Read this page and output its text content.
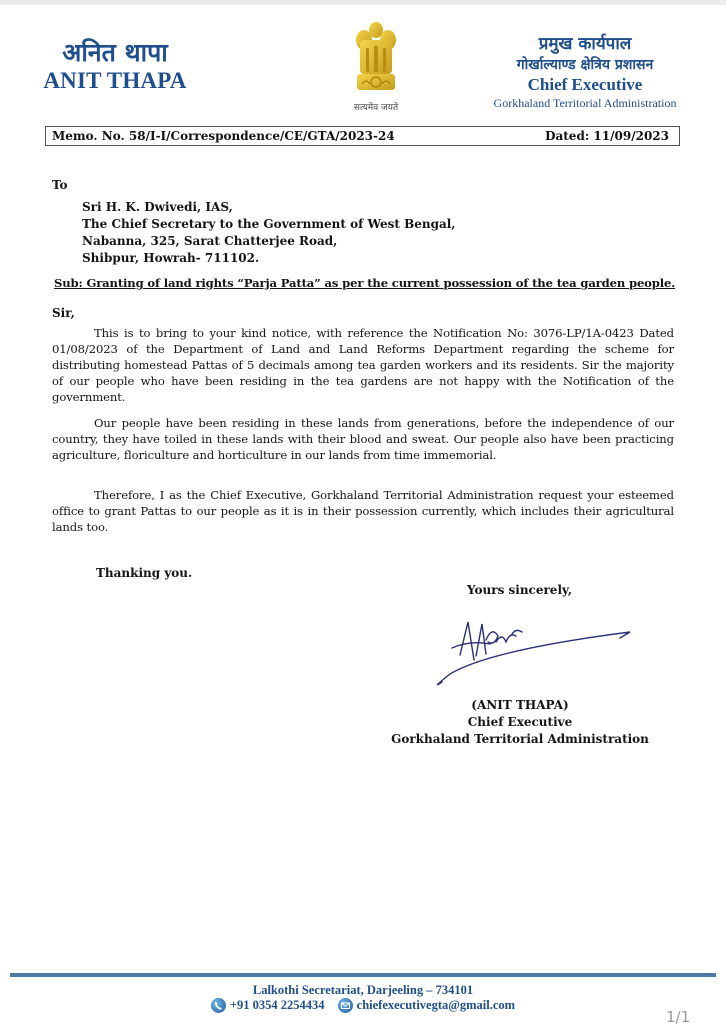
अनित थापा
ANIT THAPA
सत्यमेव जयते
प्रमुख कार्यपाल
गोर्खाल्याण्ड क्षेत्रिय प्रशासन
Chief Executive
Gorkhaland Territorial Administration
Memo. No. 58/I-I/Correspondence/CE/GTA/2023-24	Dated: 11/09/2023
To
Sri H. K. Dwivedi, IAS,
The Chief Secretary to the Government of West Bengal,
Nabanna, 325, Sarat Chatterjee Road,
Shibpur, Howrah- 711102.
Sub: Granting of land rights “Parja Patta” as per the current possession of the tea garden people.
Sir,
This is to bring to your kind notice, with reference the Notification No: 3076-LP/1A-0423 Dated 01/08/2023 of the Department of Land and Land Reforms Department regarding the scheme for distributing homestead Pattas of 5 decimals among tea garden workers and its residents. Sir the majority of our people who have been residing in the tea gardens are not happy with the Notification of the government.
Our people have been residing in these lands from generations, before the independence of our country, they have toiled in these lands with their blood and sweat. Our people also have been practicing agriculture, floriculture and horticulture in our lands from time immemorial.
Therefore, I as the Chief Executive, Gorkhaland Territorial Administration request your esteemed office to grant Pattas to our people as it is in their possession currently, which includes their agricultural lands too.
Thanking you.
Yours sincerely,
(ANIT THAPA)
Chief Executive
Gorkhaland Territorial Administration
Lalkothi Secretariat, Darjeeling – 734101
+91 0354 2254434
	chiefexecutivegta@gmail.com
1/1
